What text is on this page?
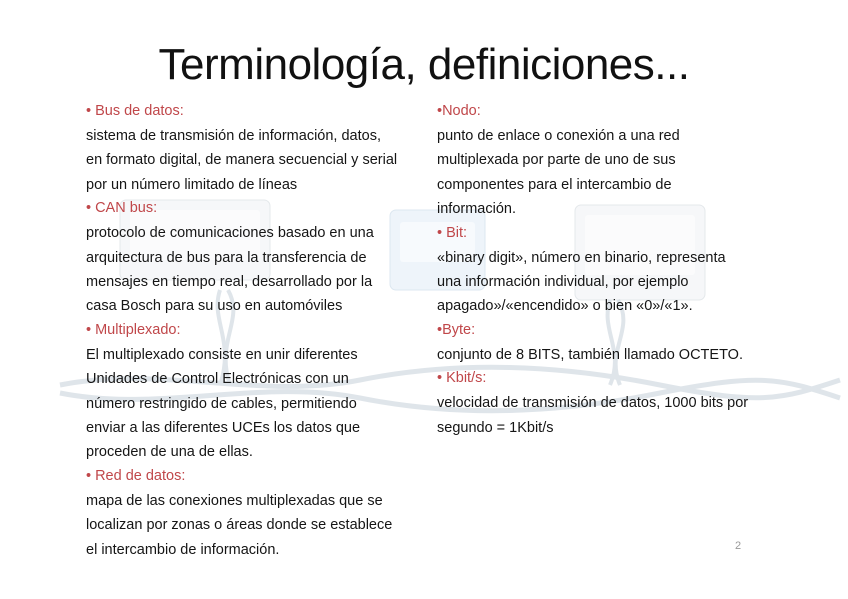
Terminología, definiciones...
• Bus de datos:
sistema de transmisión de información, datos,
en formato digital, de manera secuencial y serial
por un número limitado de líneas
• CAN bus:
protocolo de comunicaciones basado en una
arquitectura de bus para la transferencia de
mensajes en tiempo real, desarrollado por la
casa Bosch para su uso en automóviles
• Multiplexado:
El multiplexado consiste en unir diferentes
Unidades de Control Electrónicas con un
número restringido de cables, permitiendo
enviar a las diferentes UCEs los datos que
proceden de una de ellas.
• Red de datos:
mapa de las conexiones multiplexadas que se
localizan por zonas o áreas donde se establece
el intercambio de información.
•Nodo:
punto de enlace o conexión a una red
multiplexada por parte de uno de sus
componentes para el intercambio de
información.
• Bit:
«binary digit», número en binario, representa
una información individual, por ejemplo
apagado»/«encendido» o bien «0»/«1».
•Byte:
conjunto de 8 BITS, también llamado OCTETO.
• Kbit/s:
velocidad de transmisión de datos, 1000 bits por
segundo = 1Kbit/s
2
